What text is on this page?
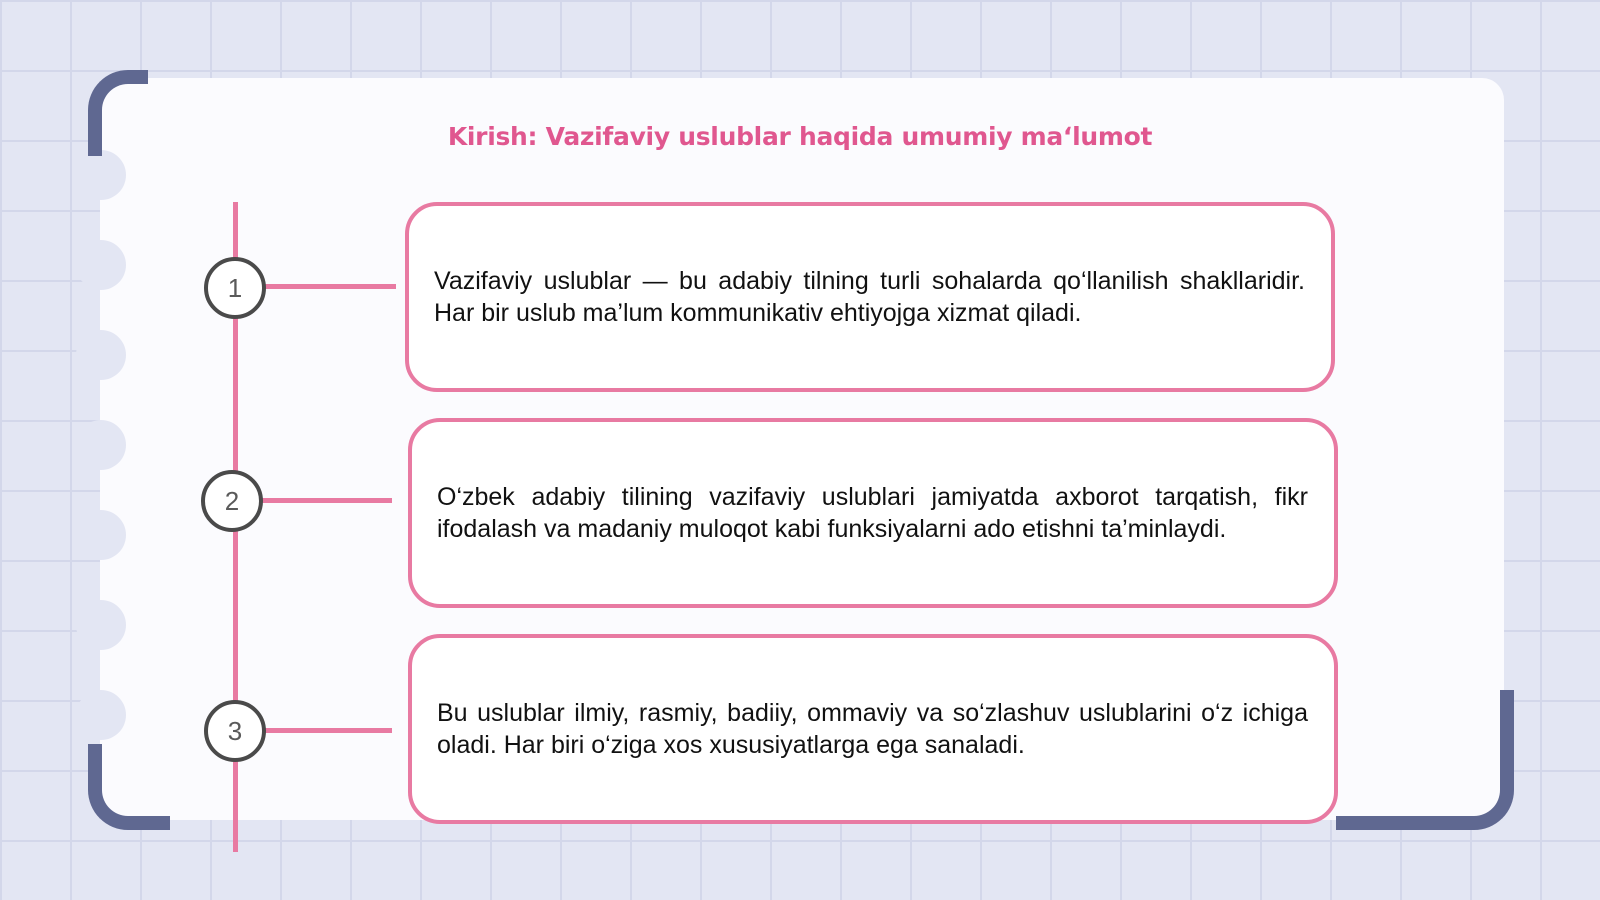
Kirish: Vazifaviy uslublar haqida umumiy maʻlumot
1
2
3
Vazifaviy uslublar — bu adabiy tilning turli sohalarda qo‘llanilish shakllaridir. Har bir uslub ma’lum kommunikativ ehtiyojga xizmat qiladi.
O‘zbek adabiy tilining vazifaviy uslublari jamiyatda axborot tarqatish, fikr ifodalash va madaniy muloqot kabi funksiyalarni ado etishni ta’minlaydi.
Bu uslublar ilmiy, rasmiy, badiiy, ommaviy va so‘zlashuv uslublarini o‘z ichiga oladi. Har biri o‘ziga xos xususiyatlarga ega sanaladi.
